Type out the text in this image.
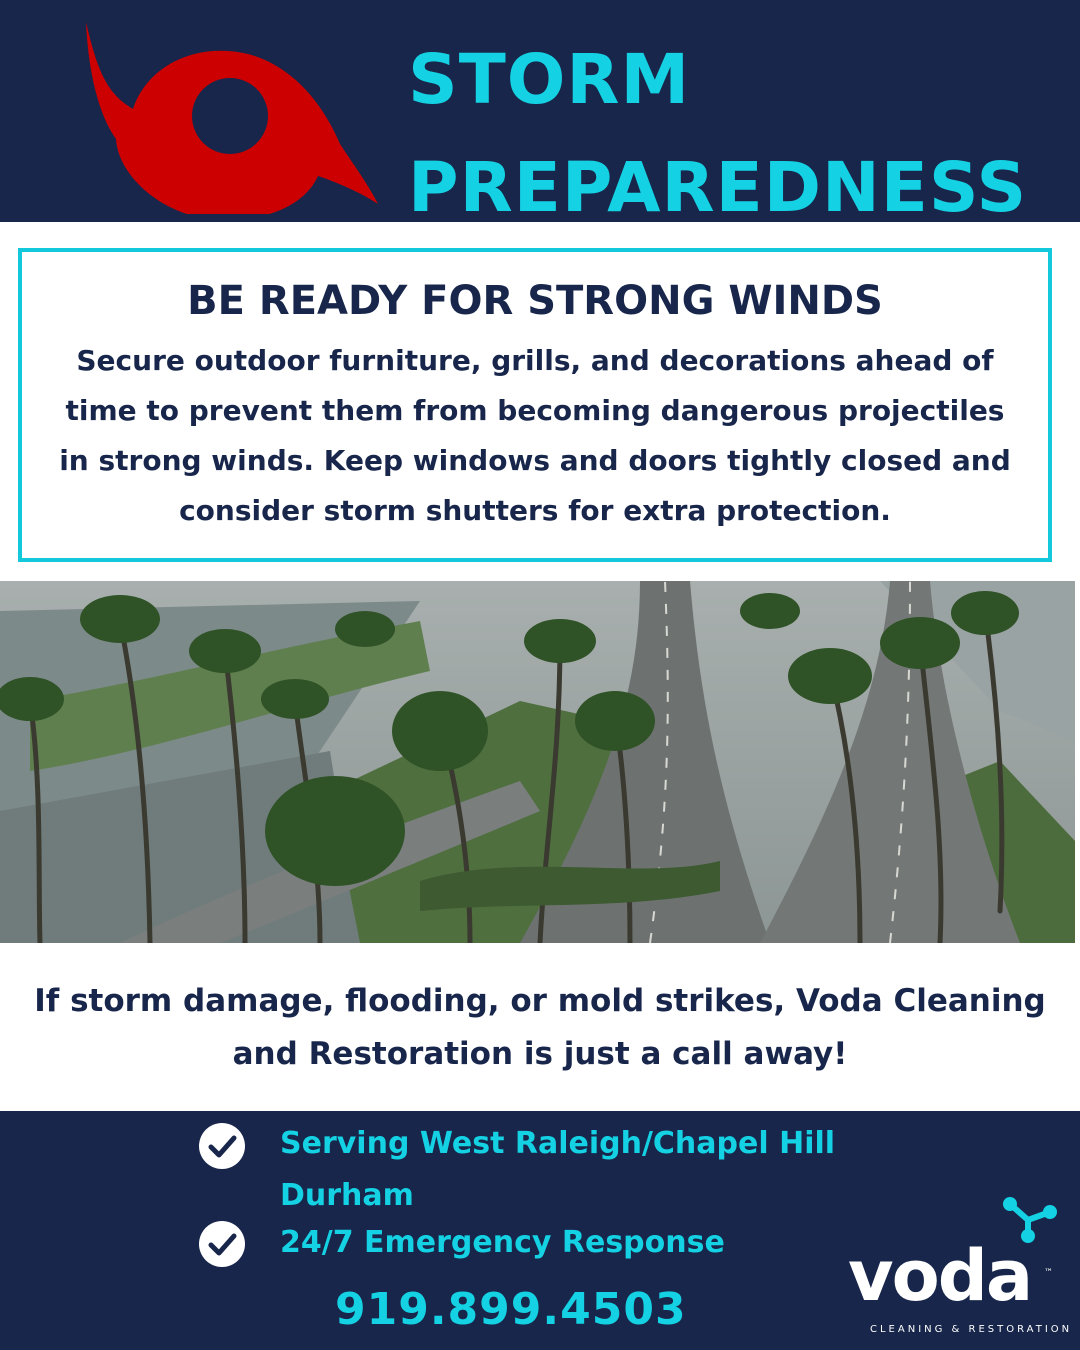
STORM
PREPAREDNESS
BE READY FOR STRONG WINDS
Secure outdoor furniture, grills, and decorations ahead of time to prevent them from becoming dangerous projectiles in strong winds. Keep windows and doors tightly closed and consider storm shutters for extra protection.
If storm damage, flooding, or mold strikes, Voda Cleaning and Restoration is just a call away!
Serving West Raleigh/Chapel Hill
Durham
24/7 Emergency Response
919.899.4503 voda ™
CLEANING & RESTORATION
